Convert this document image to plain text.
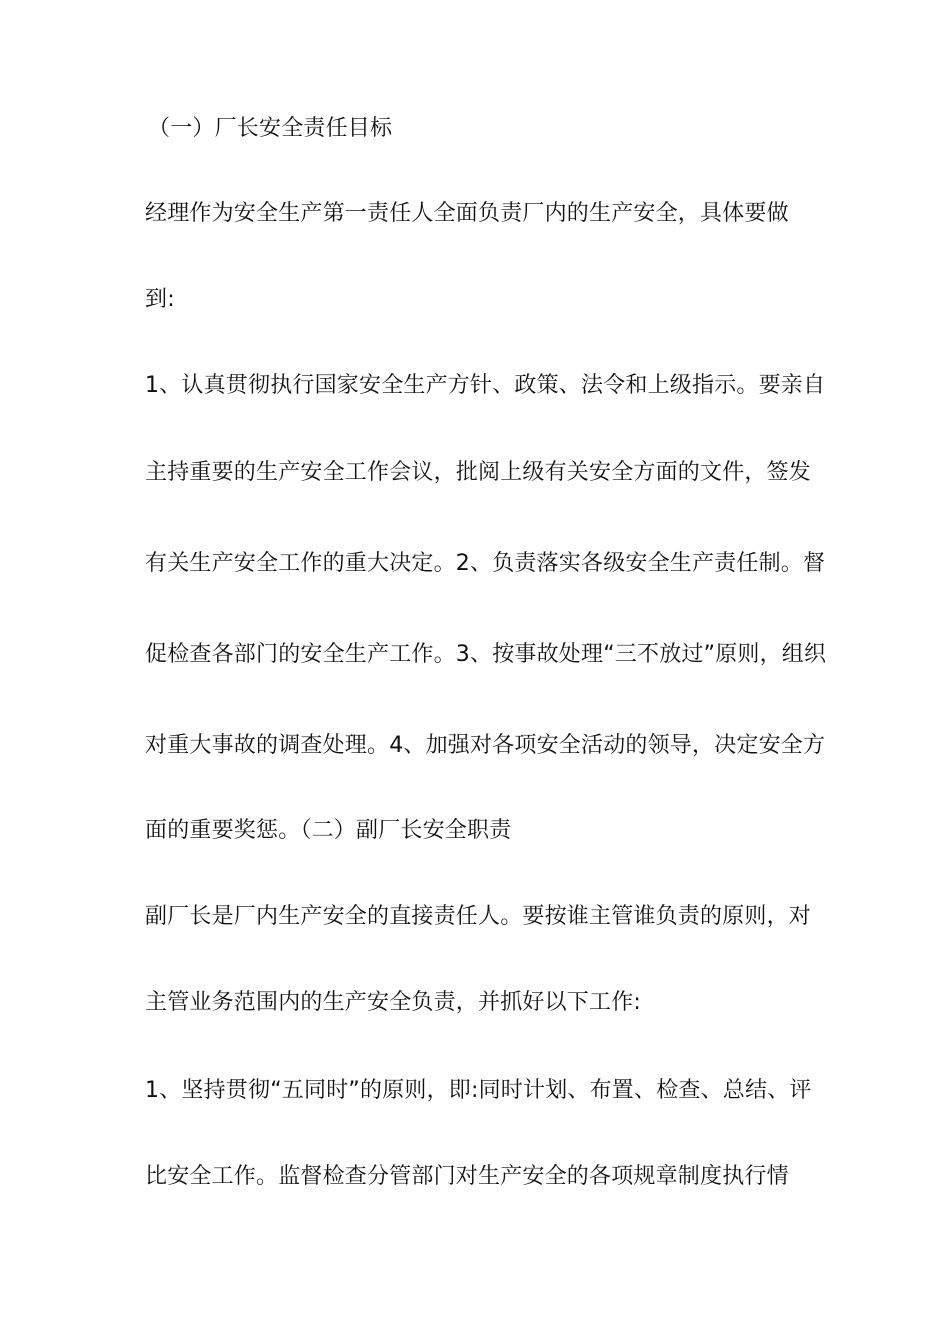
（一）厂长安全责任目标
经理作为安全生产第一责任人全面负责厂内的生产安全，具体要做
到:
1、认真贯彻执行国家安全生产方针、政策、法令和上级指示。要亲自
主持重要的生产安全工作会议，批阅上级有关安全方面的文件，签发
有关生产安全工作的重大决定。2、负责落实各级安全生产责任制。督
促检查各部门的安全生产工作。3、按事故处理“三不放过”原则，组织
对重大事故的调查处理。4、加强对各项安全活动的领导，决定安全方
面的重要奖惩。（二）副厂长安全职责
副厂长是厂内生产安全的直接责任人。要按谁主管谁负责的原则，对
主管业务范围内的生产安全负责，并抓好以下工作:
1、坚持贯彻“五同时”的原则，即:同时计划、布置、检查、总结、评
比安全工作。监督检查分管部门对生产安全的各项规章制度执行情
